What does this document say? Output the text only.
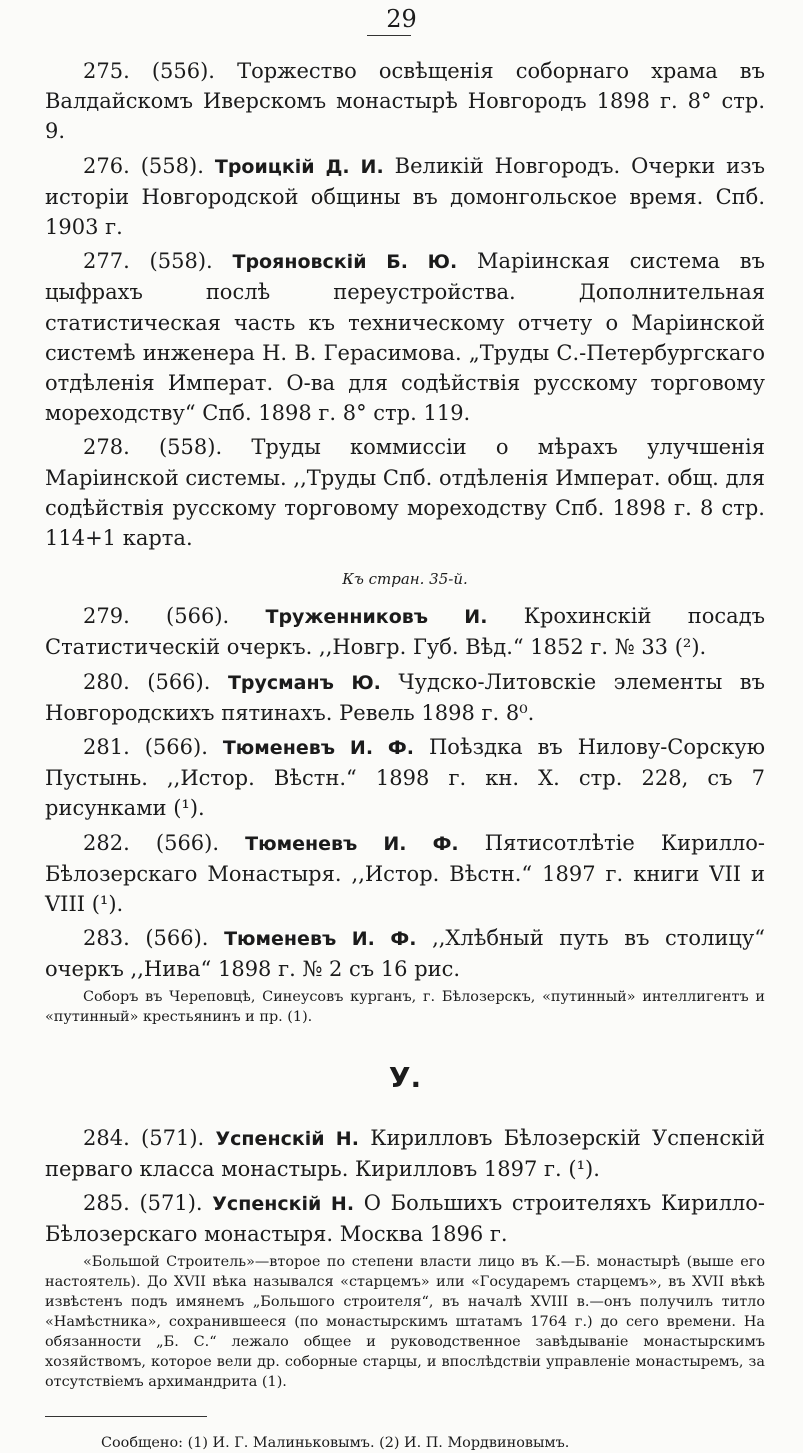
29

275. (556). Торжество освѣщенія соборнаго храма въ Валдайскомъ Иверскомъ монастырѣ Новгородъ 1898 г. 8° стр. 9.

276. (558). Троицкій Д. И. Великій Новгородъ. Очерки изъ исторіи Новгородской общины въ домонгольское время. Спб. 1903 г.

277. (558). Трояновскій Б. Ю. Маріинская система въ цыфрахъ послѣ переустройства. Дополнительная статистическая часть къ техническому отчету о Маріинской системѣ инженера Н. В. Герасимова. „Труды С.-Петербургскаго отдѣленія Императ. О-ва для содѣйствія русскому торговому мореходству“ Спб. 1898 г. 8° стр. 119.

278. (558). Труды коммиссіи о мѣрахъ улучшенія Маріинской системы. ,,Труды Спб. отдѣленія Императ. общ. для содѣйствія русскому торговому мореходству Спб. 1898 г. 8 стр. 114+1 карта.

Къ стран. 35-й.

279. (566). Труженниковъ И. Крохинскій посадъ Статистическій очеркъ. ,,Новгр. Губ. Вѣд.“ 1852 г. № 33 (²).

280. (566). Трусманъ Ю. Чудско-Литовскіе элементы въ Новгородскихъ пятинахъ. Ревель 1898 г. 8⁰.

281. (566). Тюменевъ И. Ф. Поѣздка въ Нилову-Сорскую Пустынь. ,,Истор. Вѣстн.“ 1898 г. кн. X. стр. 228, съ 7 рисунками (¹).

282. (566). Тюменевъ И. Ф. Пятисотлѣтіе Кирилло-Бѣлозерскаго Монастыря. ,,Истор. Вѣстн.“ 1897 г. книги VII и VIII (¹).

283. (566). Тюменевъ И. Ф. ,,Хлѣбный путь въ столицу“ очеркъ ,,Нива“ 1898 г. № 2 съ 16 рис.

Соборъ въ Череповцѣ, Синеусовъ курганъ, г. Бѣлозерскъ, «путинный» интеллигентъ и «путинный» крестьянинъ и пр. (1).

У.

284. (571). Успенскій Н. Кирилловъ Бѣлозерскій Успенскій перваго класса монастырь. Кирилловъ 1897 г. (¹).

285. (571). Успенскій Н. О Большихъ строителяхъ Кирилло-Бѣлозерскаго монастыря. Москва 1896 г.

«Большой Строитель»—второе по степени власти лицо въ К.—Б. монастырѣ (выше его настоятель). До XVII вѣка назывался «старцемъ» или «Государемъ старцемъ», въ XVII вѣкѣ извѣстенъ подъ имянемъ „Большого строителя“, въ началѣ XVIII в.—онъ получилъ титло «Намѣстника», сохранившееся (по монастырскимъ штатамъ 1764 г.) до сего времени. На обязанности „Б. С.“ лежало общее и руководственное завѣдываніе монастырскимъ хозяйствомъ, которое вели др. соборные старцы, и впослѣдствіи управленіе монастыремъ, за отсутствіемъ архимандрита (1).

Сообщено: (1) И. Г. Малиньковымъ. (2) И. П. Мордвиновымъ.
